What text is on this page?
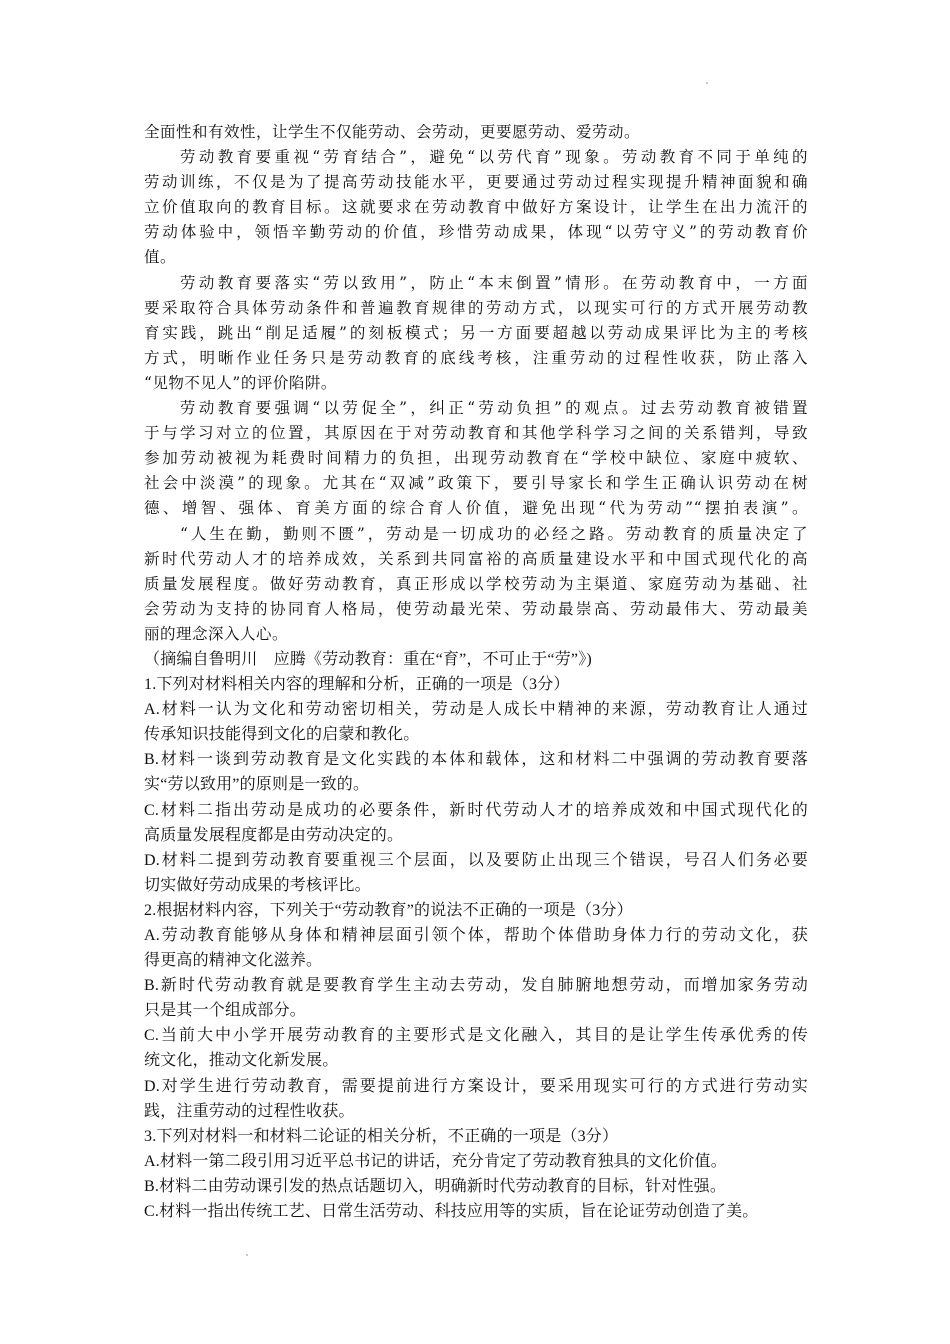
全面性和有效性，让学生不仅能劳动、会劳动，更要愿劳动、爱劳动。
劳动教育要重视“劳育结合”，避免“以劳代育”现象。劳动教育不同于单纯的
劳动训练，不仅是为了提高劳动技能水平，更要通过劳动过程实现提升精神面貌和确
立价值取向的教育目标。这就要求在劳动教育中做好方案设计，让学生在出力流汗的
劳动体验中，领悟辛勤劳动的价值，珍惜劳动成果，体现“以劳守义”的劳动教育价
值。
劳动教育要落实“劳以致用”，防止“本末倒置”情形。在劳动教育中，一方面
要采取符合具体劳动条件和普遍教育规律的劳动方式，以现实可行的方式开展劳动教
育实践，跳出“削足适履”的刻板模式；另一方面要超越以劳动成果评比为主的考核
方式，明晰作业任务只是劳动教育的底线考核，注重劳动的过程性收获，防止落入
“见物不见人”的评价陷阱。
劳动教育要强调“以劳促全”，纠正“劳动负担”的观点。过去劳动教育被错置
于与学习对立的位置，其原因在于对劳动教育和其他学科学习之间的关系错判，导致
参加劳动被视为耗费时间精力的负担，出现劳动教育在“学校中缺位、家庭中疲软、
社会中淡漠”的现象。尤其在“双减”政策下，要引导家长和学生正确认识劳动在树
德、增智、强体、育美方面的综合育人价值，避免出现“代为劳动”“摆拍表演”。
“人生在勤，勤则不匮”，劳动是一切成功的必经之路。劳动教育的质量决定了
新时代劳动人才的培养成效，关系到共同富裕的高质量建设水平和中国式现代化的高
质量发展程度。做好劳动教育，真正形成以学校劳动为主渠道、家庭劳动为基础、社
会劳动为支持的协同育人格局，使劳动最光荣、劳动最崇高、劳动最伟大、劳动最美
丽的理念深入人心。
（摘编自鲁明川　应腾《劳动教育：重在“育”，不可止于“劳”》)
1.下列对材料相关内容的理解和分析，正确的一项是（3分）
A.材料一认为文化和劳动密切相关，劳动是人成长中精神的来源，劳动教育让人通过
传承知识技能得到文化的启蒙和教化。
B.材料一谈到劳动教育是文化实践的本体和载体，这和材料二中强调的劳动教育要落
实“劳以致用”的原则是一致的。
C.材料二指出劳动是成功的必要条件，新时代劳动人才的培养成效和中国式现代化的
高质量发展程度都是由劳动决定的。
D.材料二提到劳动教育要重视三个层面，以及要防止出现三个错误，号召人们务必要
切实做好劳动成果的考核评比。
2.根据材料内容，下列关于“劳动教育”的说法不正确的一项是（3分）
A.劳动教育能够从身体和精神层面引领个体，帮助个体借助身体力行的劳动文化，获
得更高的精神文化滋养。
B.新时代劳动教育就是要教育学生主动去劳动，发自肺腑地想劳动，而增加家务劳动
只是其一个组成部分。
C.当前大中小学开展劳动教育的主要形式是文化融入，其目的是让学生传承优秀的传
统文化，推动文化新发展。
D.对学生进行劳动教育，需要提前进行方案设计，要采用现实可行的方式进行劳动实
践，注重劳动的过程性收获。
3.下列对材料一和材料二论证的相关分析，不正确的一项是（3分）
A.材料一第二段引用习近平总书记的讲话，充分肯定了劳动教育独具的文化价值。
B.材料二由劳动课引发的热点话题切入，明确新时代劳动教育的目标，针对性强。
C.材料一指出传统工艺、日常生活劳动、科技应用等的实质，旨在论证劳动创造了美。
